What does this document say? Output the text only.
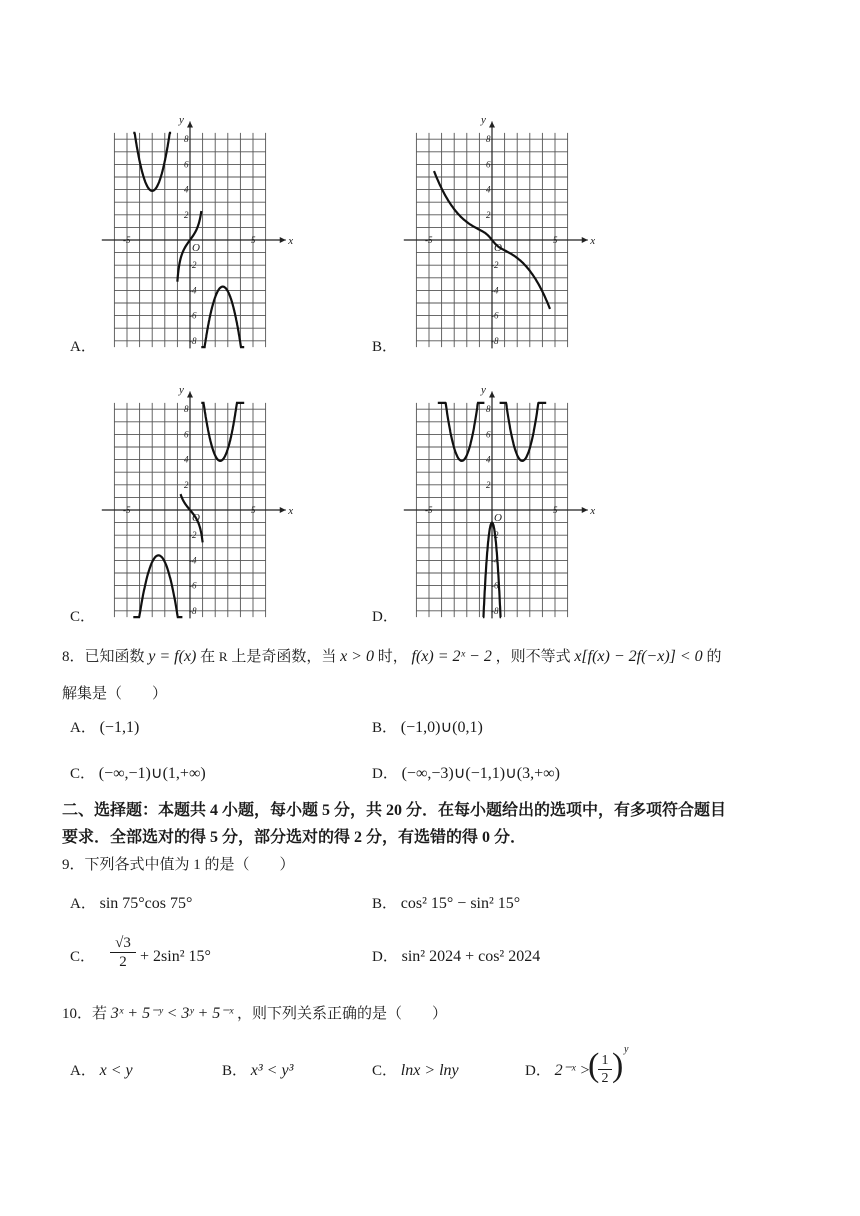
A．
x
y
O
-5	5
8
6
4
2
-2
-4
-6
-8	B．
x
y
O
-5	5
8
6
4
2
-2
-4
-6
-8
C．
x
y
O
-5	5
8
6
4
2
-2
-4
-6
-8	D．
x
y
O
-5	5
8
6
4
2
-2
-4
-6
-8
8．已知函数 y = f(x) 在 R 上是奇函数，当 x > 0 时， f(x) = 2ˣ − 2 ，则不等式 x[f(x) − 2f(−x)] < 0 的
解集是（　　）
A． (−1,1)	B． (−1,0)∪(0,1)
C． (−∞,−1)∪(1,+∞)	D． (−∞,−3)∪(−1,1)∪(3,+∞)
二、选择题：本题共 4 小题，每小题 5 分，共 20 分．在每小题给出的选项中，有多项符合题目
要求．全部选对的得 5 分，部分选对的得 2 分，有选错的得 0 分．
9．下列各式中值为 1 的是（　　）
A． sin 75°cos 75°	B． cos² 15° − sin² 15°
C． $\frac{√3}{2} + 2\sin^2$ 15°	D． sin² 2024 + cos² 2024
10．若 3ˣ + 5⁻ʸ < 3ʸ + 5⁻ˣ ，则下列关系正确的是（　　）
A． x < y	B． x³ < y³	C． lnx > lny	D． 2⁻ˣ >
(
$\frac{1}{2}$ ) y
